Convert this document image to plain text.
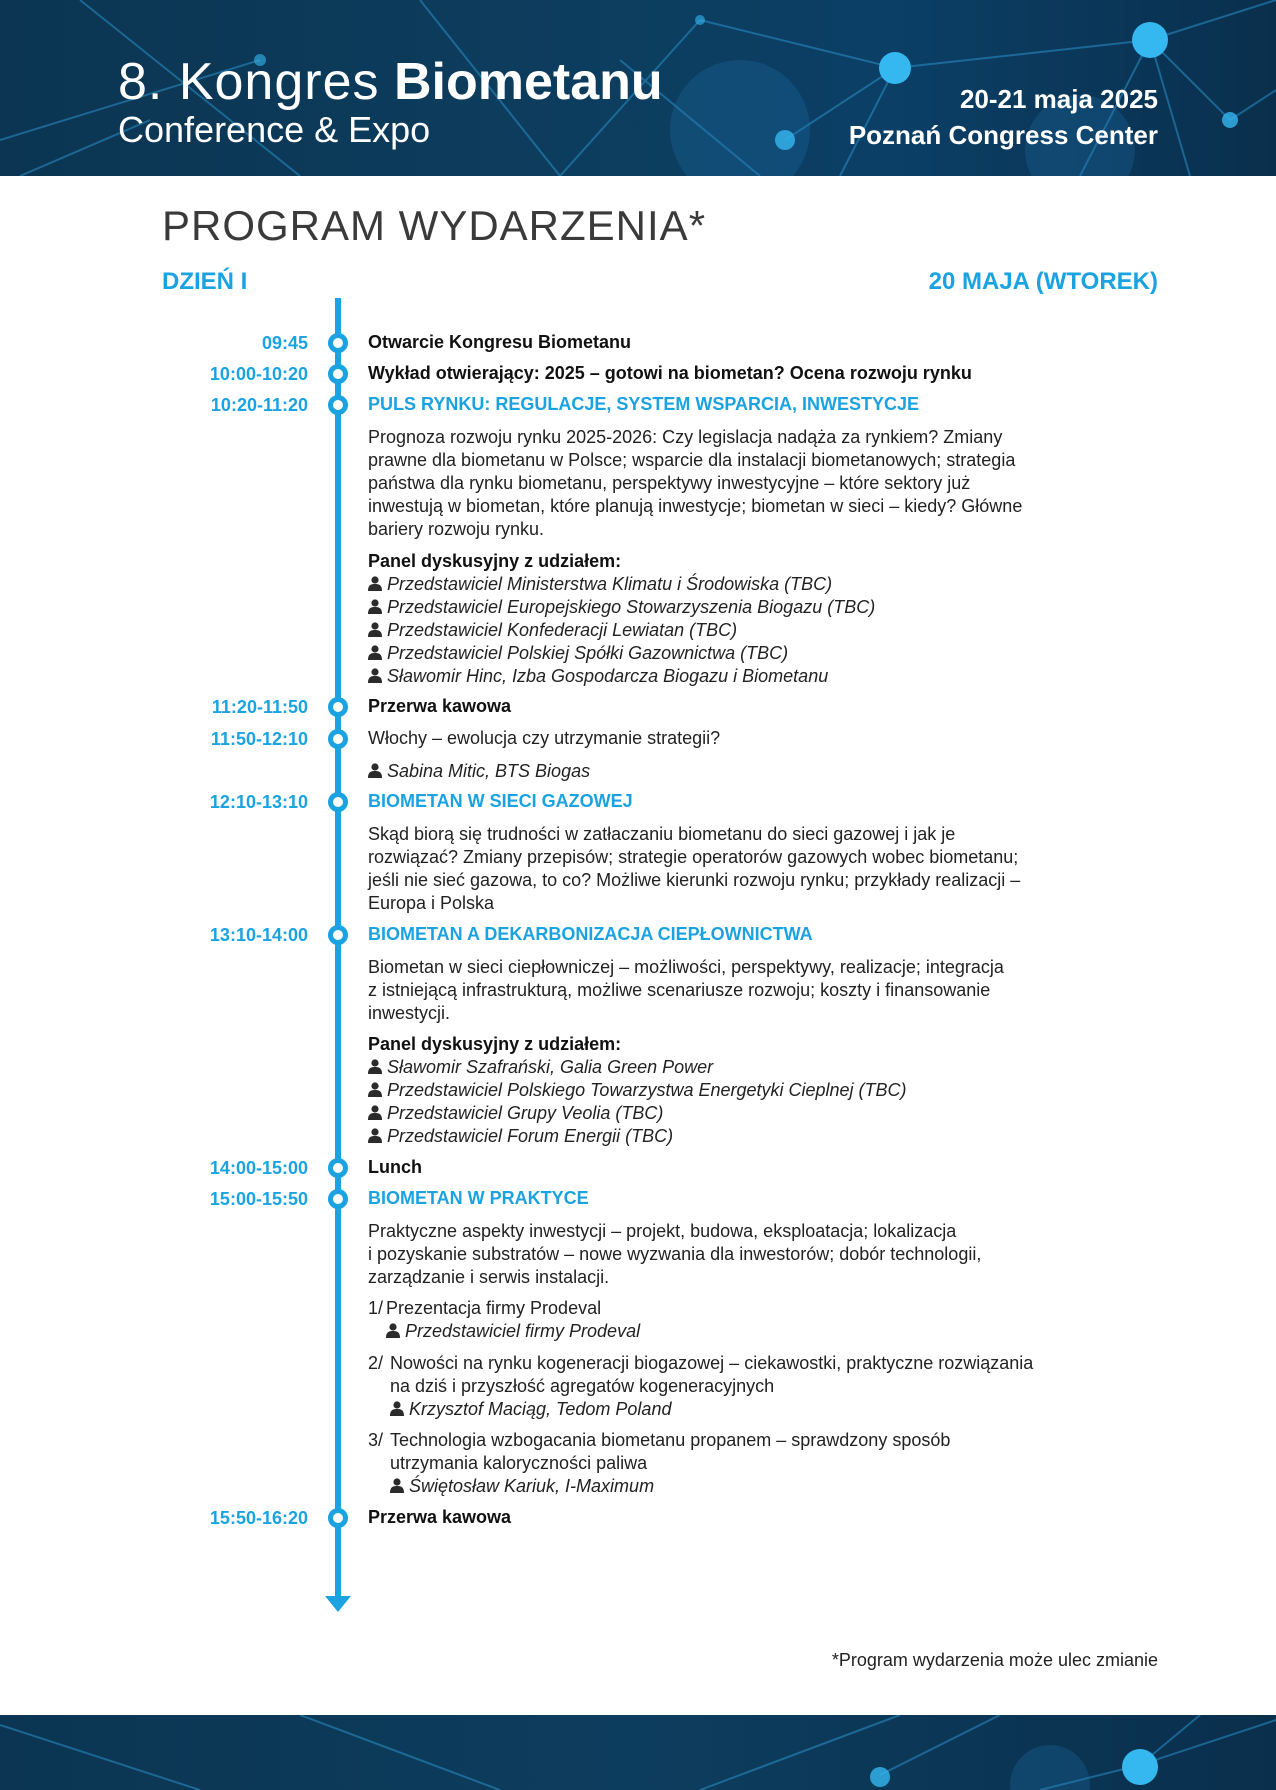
8. Kongres Biometanu
Conference & Expo
20-21 maja 2025
Poznań Congress Center
PROGRAM WYDARZENIA*
DZIEŃ I	20 MAJA (WTOREK)
09:45	Otwarcie Kongresu Biometanu
10:00-10:20	Wykład otwierający: 2025 – gotowi na biometan? Ocena rozwoju rynku
10:20-11:20	PULS RYNKU: REGULACJE, SYSTEM WSPARCIA, INWESTYCJE
Prognoza rozwoju rynku 2025-2026: Czy legislacja nadąża za rynkiem? Zmiany
prawne dla biometanu w Polsce; wsparcie dla instalacji biometanowych; strategia
państwa dla rynku biometanu, perspektywy inwestycyjne – które sektory już
inwestują w biometan, które planują inwestycje; biometan w sieci – kiedy? Główne
bariery rozwoju rynku.
Panel dyskusyjny z udziałem:
Przedstawiciel Ministerstwa Klimatu i Środowiska (TBC)
Przedstawiciel Europejskiego Stowarzyszenia Biogazu (TBC)
Przedstawiciel Konfederacji Lewiatan (TBC)
Przedstawiciel Polskiej Spółki Gazownictwa (TBC)
Sławomir Hinc, Izba Gospodarcza Biogazu i Biometanu
11:20-11:50	Przerwa kawowa
11:50-12:10	Włochy – ewolucja czy utrzymanie strategii?
Sabina Mitic, BTS Biogas
12:10-13:10	BIOMETAN W SIECI GAZOWEJ
Skąd biorą się trudności w zatłaczaniu biometanu do sieci gazowej i jak je
rozwiązać? Zmiany przepisów; strategie operatorów gazowych wobec biometanu;
jeśli nie sieć gazowa, to co? Możliwe kierunki rozwoju rynku; przykłady realizacji –
Europa i Polska
13:10-14:00	BIOMETAN A DEKARBONIZACJA CIEPŁOWNICTWA
Biometan w sieci ciepłowniczej – możliwości, perspektywy, realizacje; integracja
z istniejącą infrastrukturą, możliwe scenariusze rozwoju; koszty i finansowanie
inwestycji.
Panel dyskusyjny z udziałem:
Sławomir Szafrański, Galia Green Power
Przedstawiciel Polskiego Towarzystwa Energetyki Cieplnej (TBC)
Przedstawiciel Grupy Veolia (TBC)
Przedstawiciel Forum Energii (TBC)
14:00-15:00	Lunch
15:00-15:50	BIOMETAN W PRAKTYCE
Praktyczne aspekty inwestycji – projekt, budowa, eksploatacja; lokalizacja
i pozyskanie substratów – nowe wyzwania dla inwestorów; dobór technologii,
zarządzanie i serwis instalacji.
1/ Prezentacja firmy Prodeval
Przedstawiciel firmy Prodeval
2/ Nowości na rynku kogeneracji biogazowej – ciekawostki, praktyczne rozwiązania
na dziś i przyszłość agregatów kogeneracyjnych
Krzysztof Maciąg, Tedom Poland
3/ Technologia wzbogacania biometanu propanem – sprawdzony sposób
utrzymania kaloryczności paliwa
Świętosław Kariuk, I-Maximum
15:50-16:20	Przerwa kawowa
*Program wydarzenia może ulec zmianie
